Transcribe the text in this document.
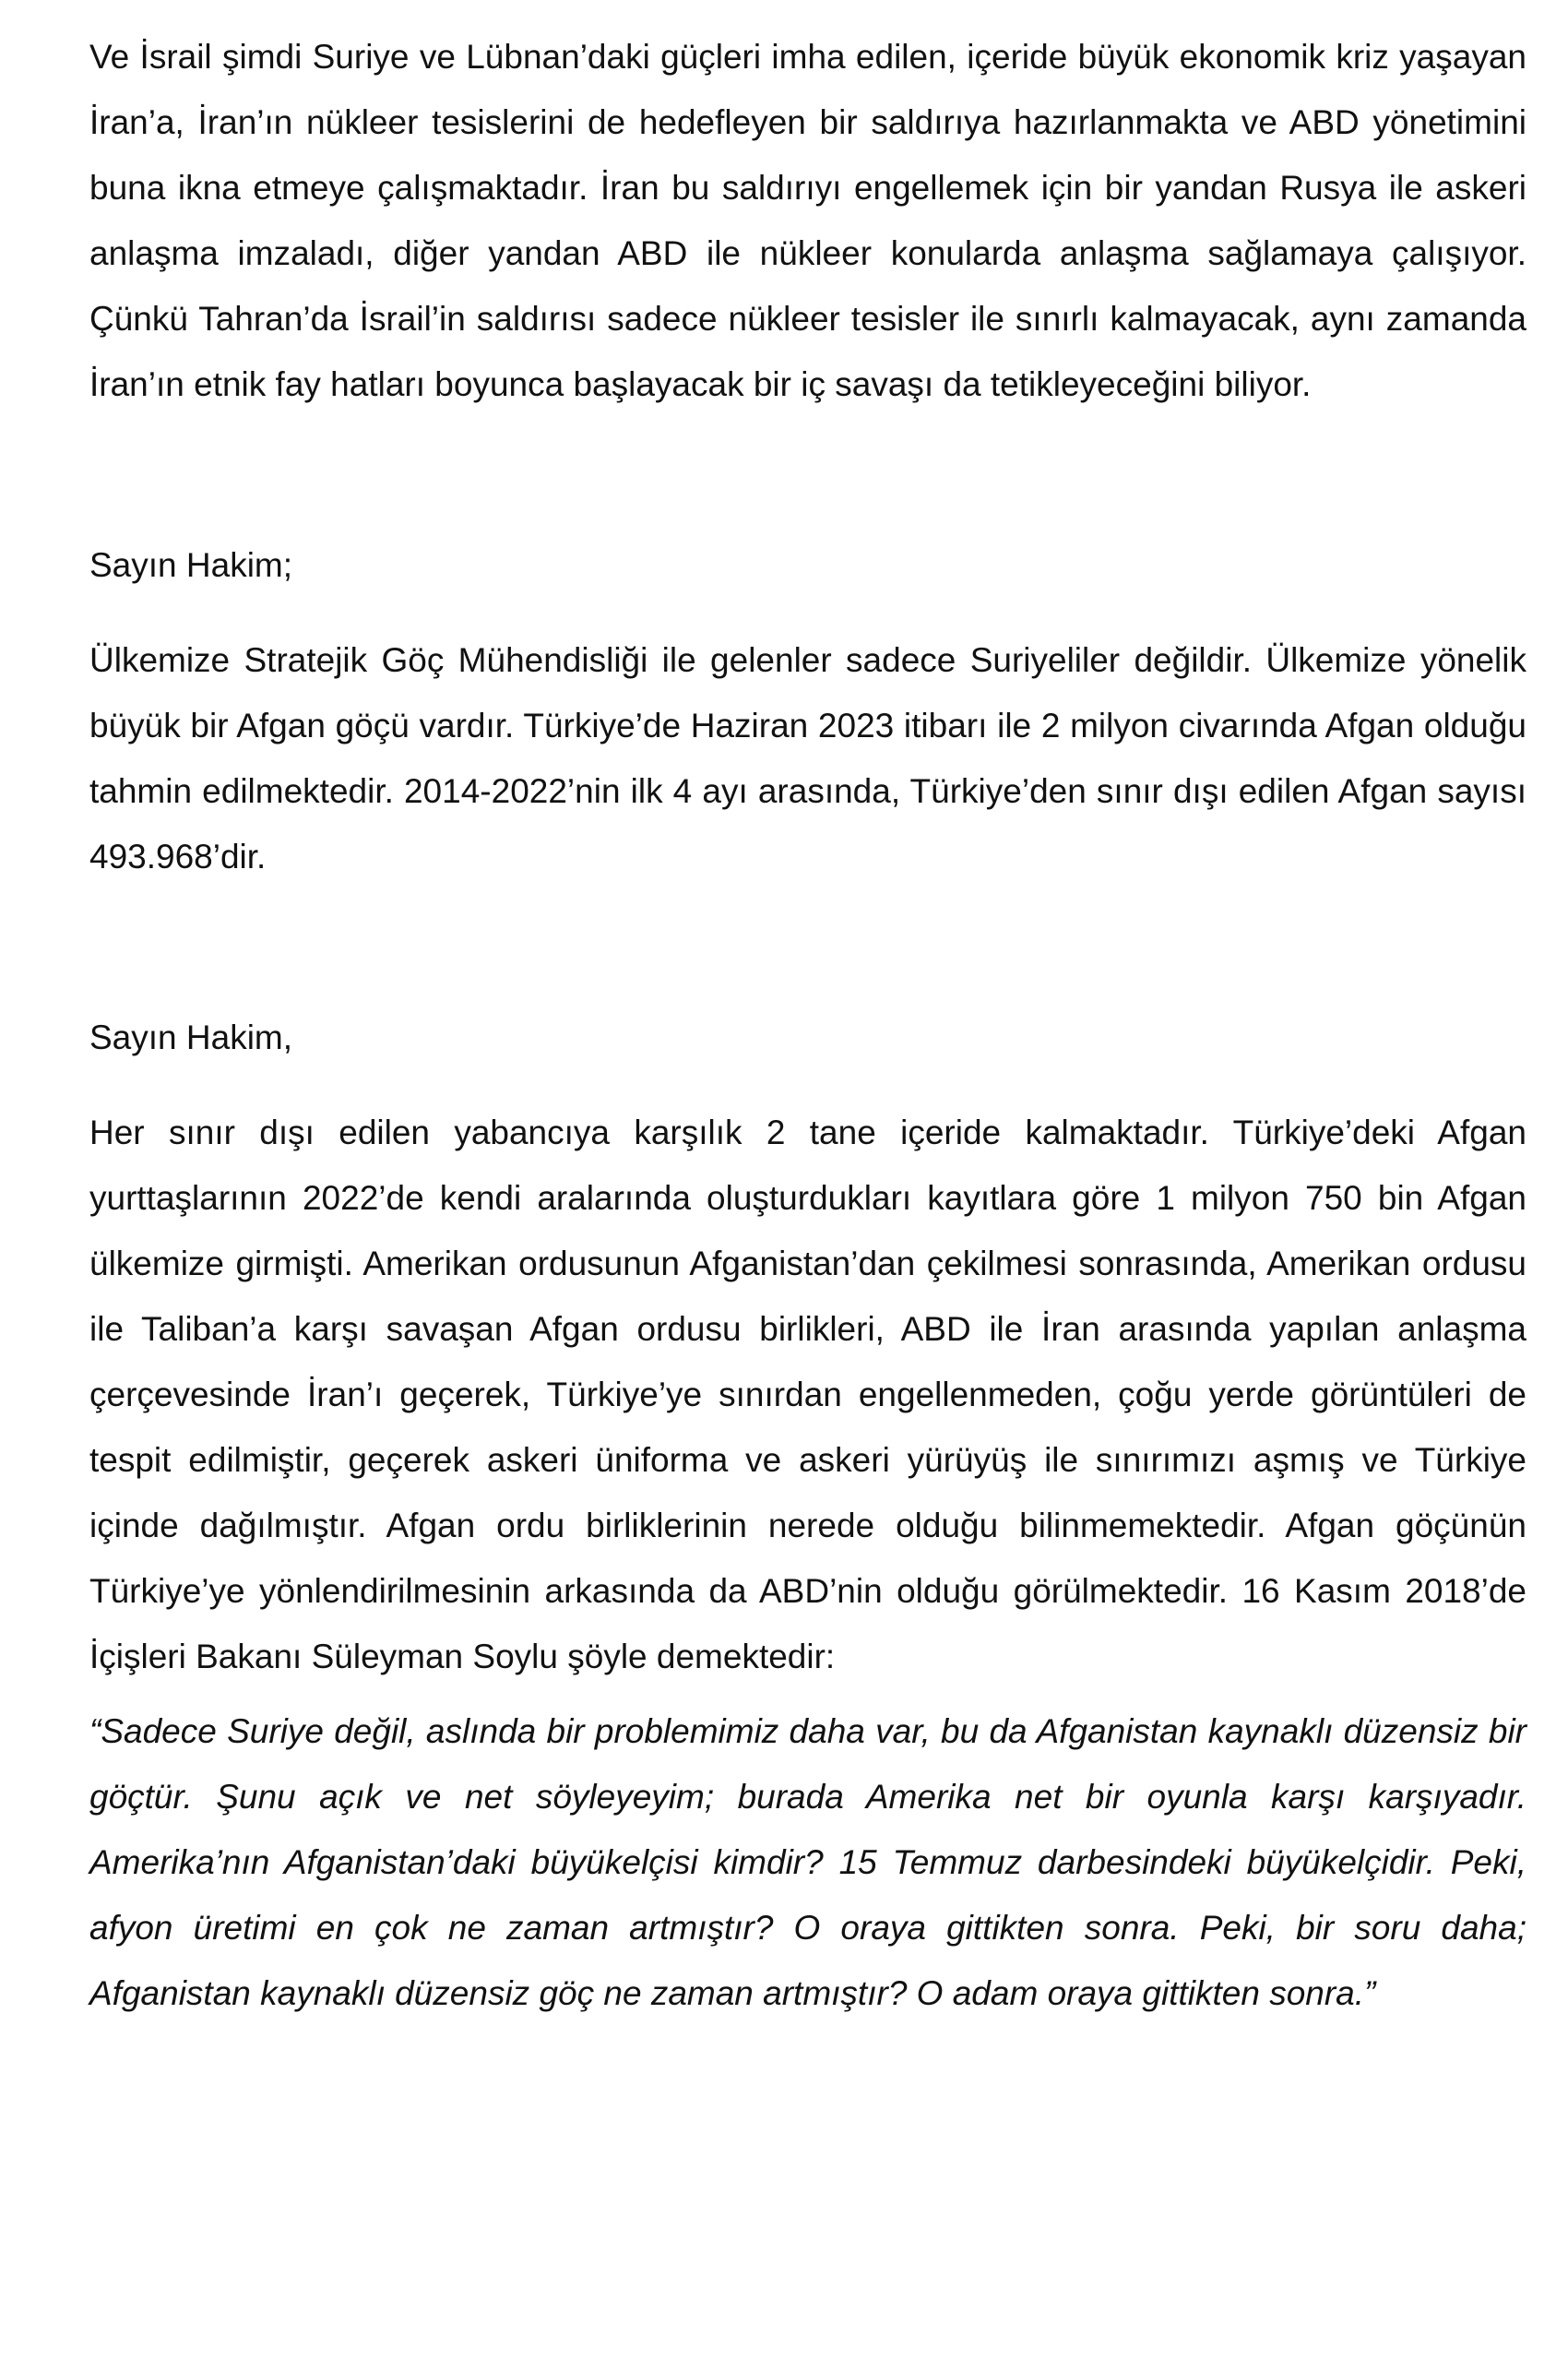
Ve İsrail şimdi Suriye ve Lübnan’daki güçleri imha edilen, içeride büyük ekonomik kriz yaşayan İran’a, İran’ın nükleer tesislerini de hedefleyen bir saldırıya hazırlanmakta ve ABD yönetimini buna ikna etmeye çalışmaktadır. İran bu saldırıyı engellemek için bir yandan Rusya ile askeri anlaşma imzaladı, diğer yandan ABD ile nükleer konularda anlaşma sağlamaya çalışıyor. Çünkü Tahran’da İsrail’in saldırısı sadece nükleer tesisler ile sınırlı kalmayacak, aynı zamanda İran’ın etnik fay hatları boyunca başlayacak bir iç savaşı da tetikleyeceğini biliyor.

Sayın Hakim;

Ülkemize Stratejik Göç Mühendisliği ile gelenler sadece Suriyeliler değildir. Ülkemize yönelik büyük bir Afgan göçü vardır. Türkiye’de Haziran 2023 itibarı ile 2 milyon civarında Afgan olduğu tahmin edilmektedir. 2014-2022’nin ilk 4 ayı arasında, Türkiye’den sınır dışı edilen Afgan sayısı 493.968’dir.

Sayın Hakim,

Her sınır dışı edilen yabancıya karşılık 2 tane içeride kalmaktadır. Türkiye’deki Afgan yurttaşlarının 2022’de kendi aralarında oluşturdukları kayıtlara göre 1 milyon 750 bin Afgan ülkemize girmişti. Amerikan ordusunun Afganistan’dan çekilmesi sonrasında, Amerikan ordusu ile Taliban’a karşı savaşan Afgan ordusu birlikleri, ABD ile İran arasında yapılan anlaşma çerçevesinde İran’ı geçerek, Türkiye’ye sınırdan engellenmeden, çoğu yerde görüntüleri de tespit edilmiştir, geçerek askeri üniforma ve askeri yürüyüş ile sınırımızı aşmış ve Türkiye içinde dağılmıştır. Afgan ordu birliklerinin nerede olduğu bilinmemektedir. Afgan göçünün Türkiye’ye yönlendirilmesinin arkasında da ABD’nin olduğu görülmektedir. 16 Kasım 2018’de İçişleri Bakanı Süleyman Soylu şöyle demektedir:

“Sadece Suriye değil, aslında bir problemimiz daha var, bu da Afganistan kaynaklı düzensiz bir göçtür. Şunu açık ve net söyleyeyim; burada Amerika net bir oyunla karşı karşıyadır. Amerika’nın Afganistan’daki büyükelçisi kimdir? 15 Temmuz darbesindeki büyükelçidir. Peki, afyon üretimi en çok ne zaman artmıştır? O oraya gittikten sonra. Peki, bir soru daha; Afganistan kaynaklı düzensiz göç ne zaman artmıştır? O adam oraya gittikten sonra.”
